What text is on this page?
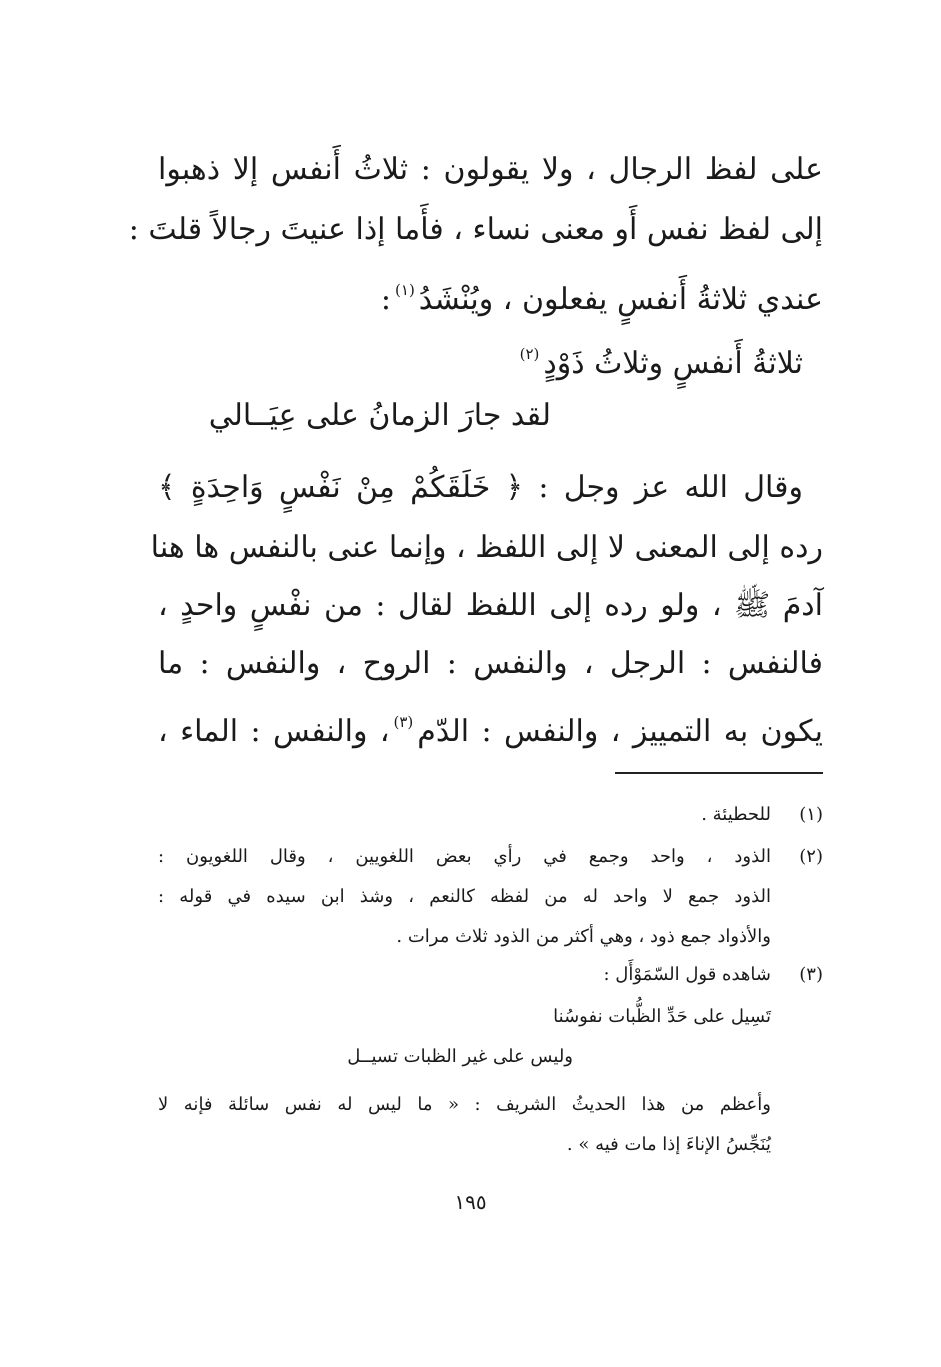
على لفظ الرجال ، ولا يقولون : ثلاثُ أَنفس إلا ذهبوا
إلى لفظ نفس أَو معنى نساء ، فأَما إذا عنيتَ رجالاً قلتَ :
عندي ثلاثةُ أَنفسٍ يفعلون ، ويُنْشَدُ$^{(١)}$:
ثلاثةُ أَنفسٍ وثلاثُ ذَوْدٍ$^{(٢)}$
لقد جارَ الزمانُ على عِيَــالي
وقال الله عز وجل : ﴿ خَلَقَكُمْ مِنْ نَفْسٍ وَاحِدَةٍ ﴾
رده إلى المعنى لا إلى اللفظ ، وإنما عنى بالنفس ها هنا
آدمَ ﷺ ، ولو رده إلى اللفظ لقال : من نفْسٍ واحدٍ ،
فالنفس : الرجل ، والنفس : الروح ، والنفس : ما
يكون به التمييز ، والنفس : الدّم$^{(٣)}$، والنفس : الماء ،
(١)
للحطيئة .
(٢)
الذود ، واحد وجمع في رأي بعض اللغويين ، وقال اللغويون :
الذود جمع لا واحد له من لفظه كالنعم ، وشذ ابن سيده في قوله :
والأذواد جمع ذود ، وهي أكثر من الذود ثلاث مرات .
(٣)
شاهده قول السّمَوْأَل :
تَسِيل على حَدِّ الظُّبات نفوسُنا
وليس على غير الظبات تسيــل
وأعظم من هذا الحديثُ الشريف : « ما ليس له نفس سائلة فإنه لا
يُنَجِّسُ الإناءَ إذا مات فيه » .
١٩٥
